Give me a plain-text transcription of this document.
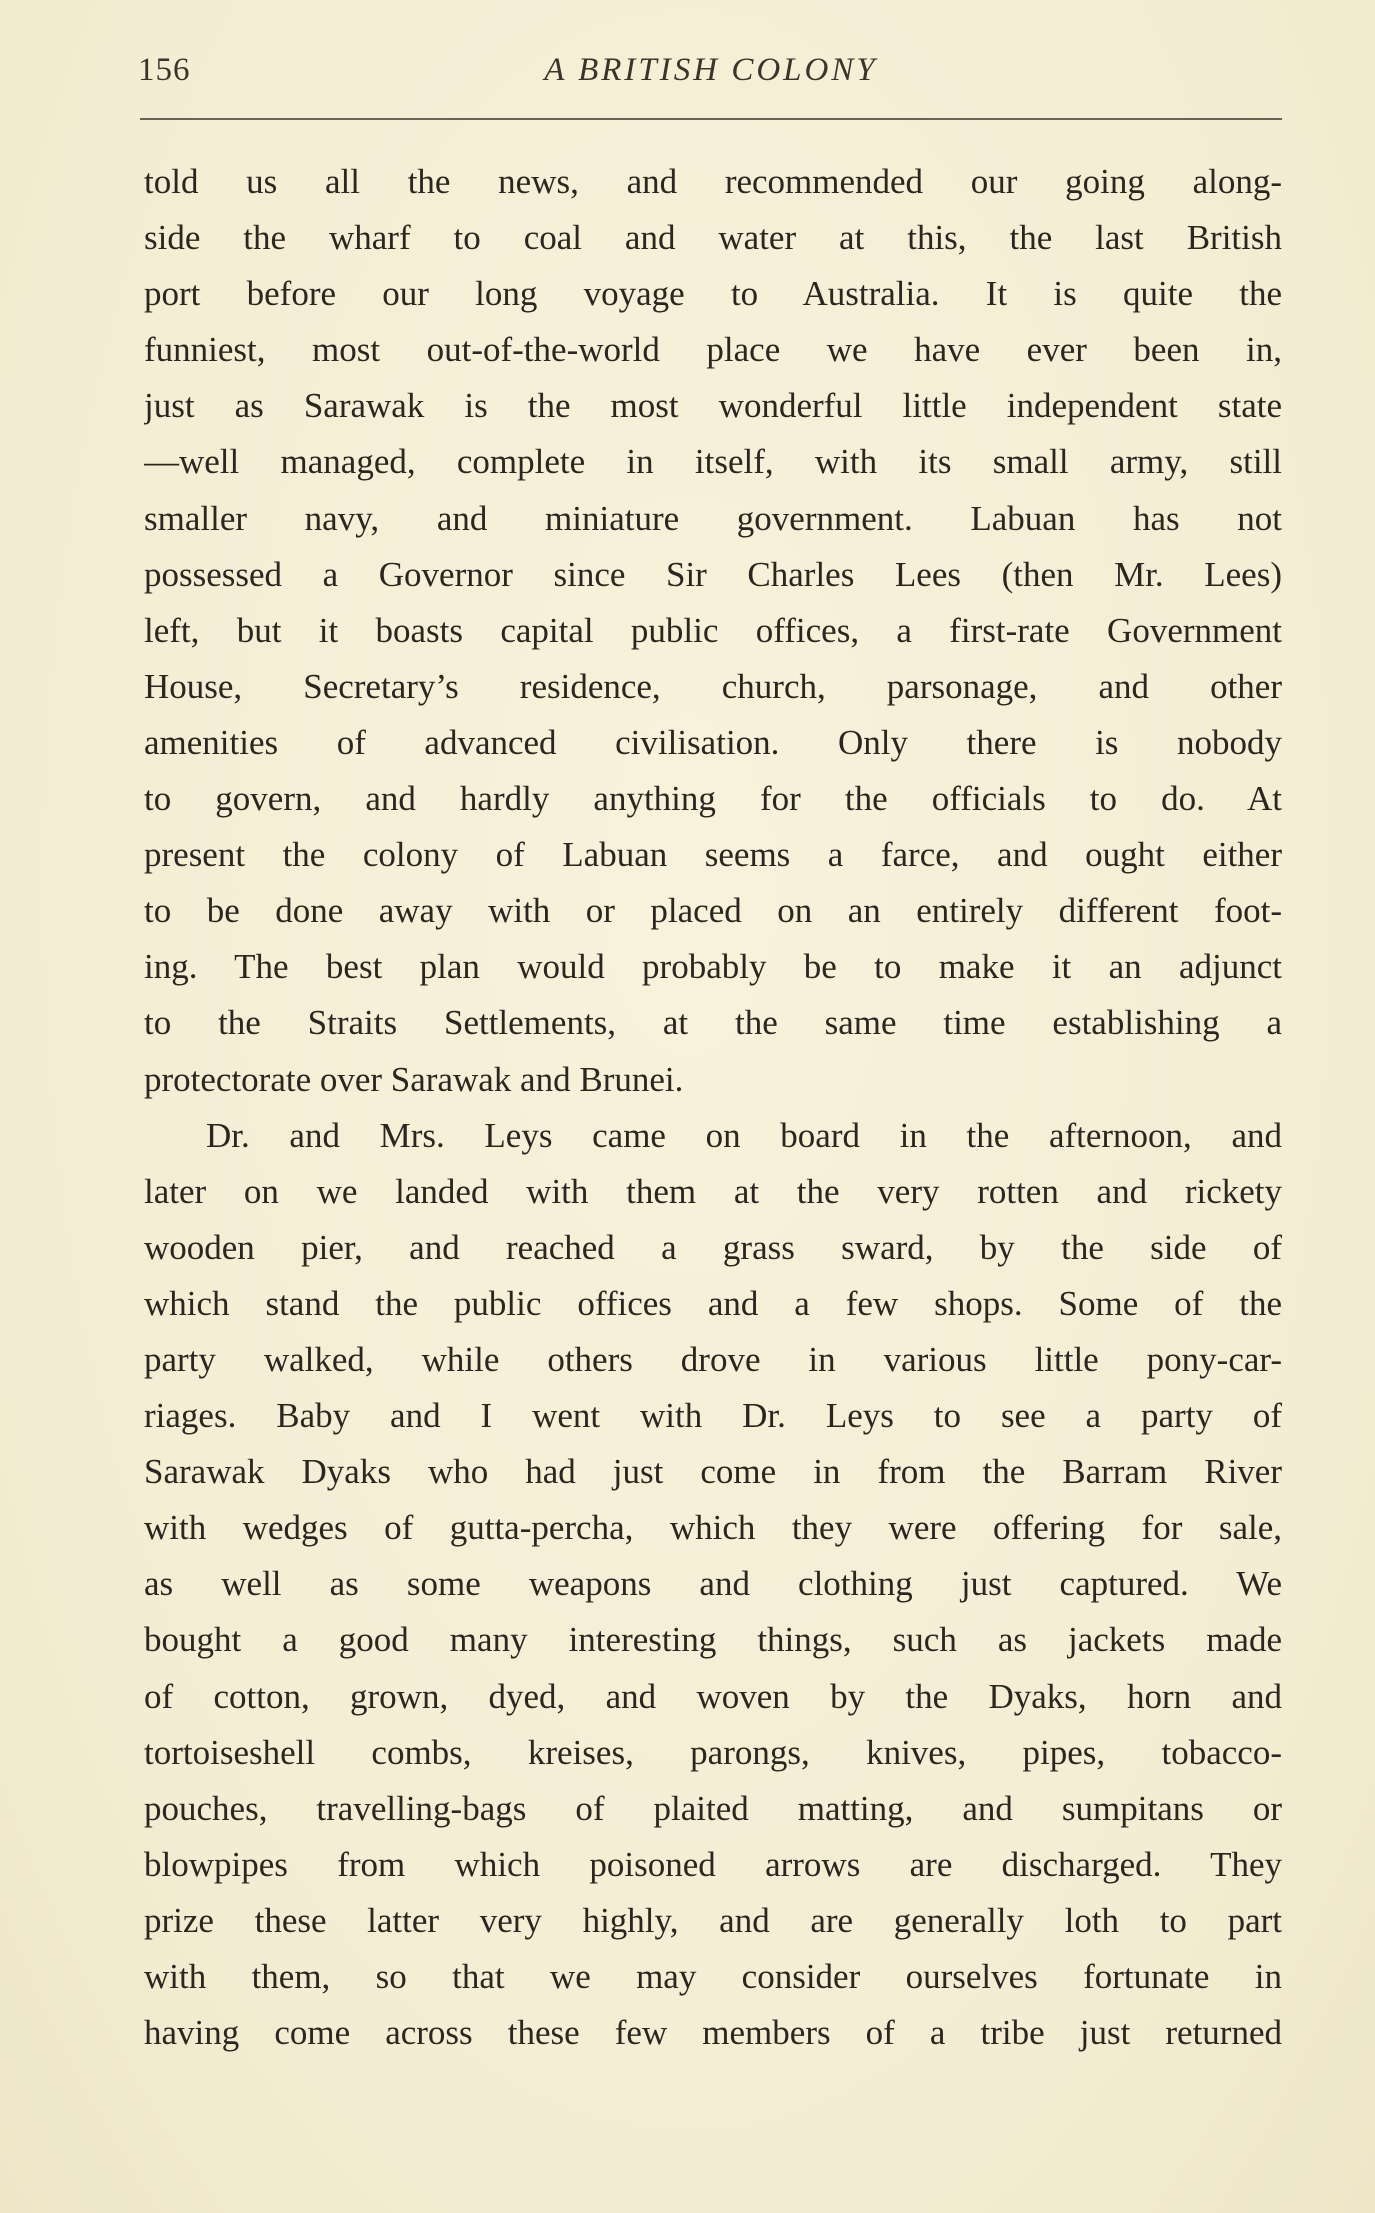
156	A BRITISH COLONY
told us all the news, and recommended our going along-
side the wharf to coal and water at this, the last British
port before our long voyage to Australia. It is quite the
funniest, most out-of-the-world place we have ever been in,
just as Sarawak is the most wonderful little independent state
—well managed, complete in itself, with its small army, still
smaller navy, and miniature government. Labuan has not
possessed a Governor since Sir Charles Lees (then Mr. Lees)
left, but it boasts capital public offices, a first-rate Government
House, Secretary’s residence, church, parsonage, and other
amenities of advanced civilisation. Only there is nobody
to govern, and hardly anything for the officials to do. At
present the colony of Labuan seems a farce, and ought either
to be done away with or placed on an entirely different foot-
ing. The best plan would probably be to make it an adjunct
to the Straits Settlements, at the same time establishing a
protectorate over Sarawak and Brunei.
Dr. and Mrs. Leys came on board in the afternoon, and
later on we landed with them at the very rotten and rickety
wooden pier, and reached a grass sward, by the side of
which stand the public offices and a few shops. Some of the
party walked, while others drove in various little pony-car-
riages. Baby and I went with Dr. Leys to see a party of
Sarawak Dyaks who had just come in from the Barram River
with wedges of gutta-percha, which they were offering for sale,
as well as some weapons and clothing just captured. We
bought a good many interesting things, such as jackets made
of cotton, grown, dyed, and woven by the Dyaks, horn and
tortoiseshell combs, kreises, parongs, knives, pipes, tobacco-
pouches, travelling-bags of plaited matting, and sumpitans or
blowpipes from which poisoned arrows are discharged. They
prize these latter very highly, and are generally loth to part
with them, so that we may consider ourselves fortunate in
having come across these few members of a tribe just returned
